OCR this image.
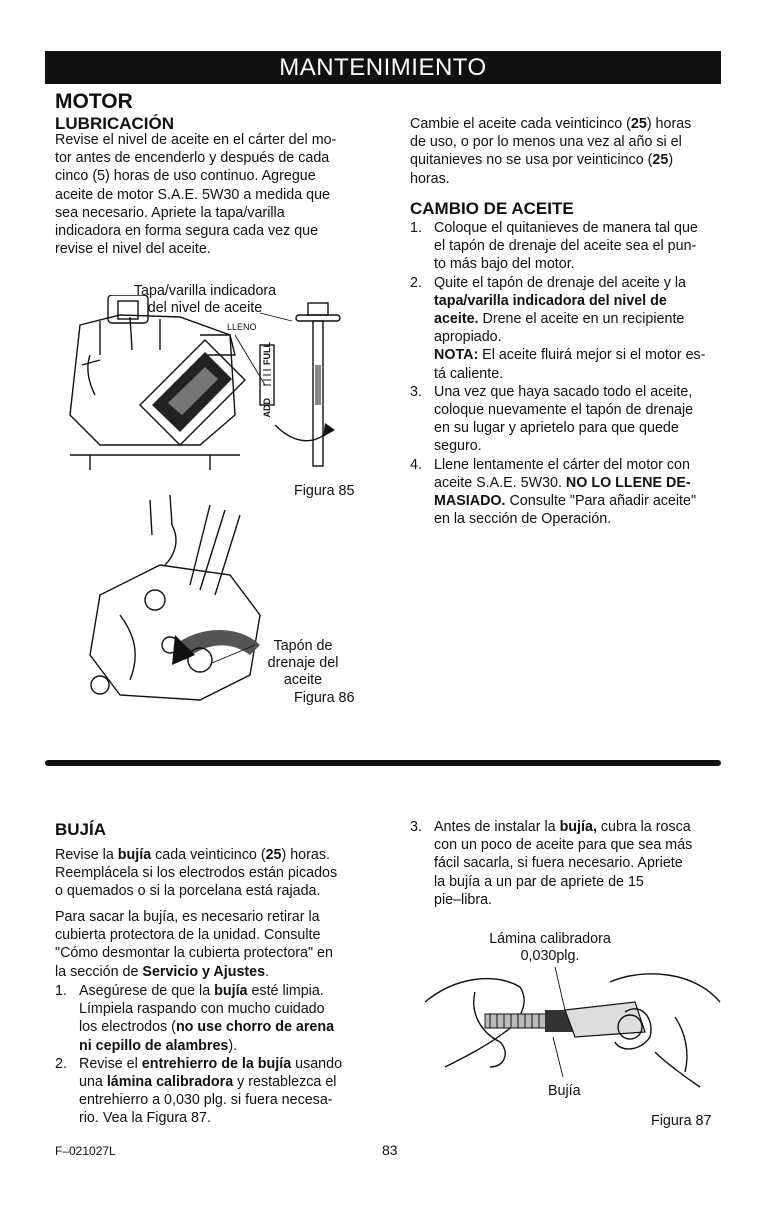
MANTENIMIENTO
MOTOR
LUBRICACIÓN
Revise el nivel de aceite en el cárter del mo-
tor antes de encenderlo y después de cada
cinco (5) horas de uso continuo. Agregue
aceite de motor S.A.E. 5W30 a medida que
sea necesario. Apriete la tapa/varilla
indicadora en forma segura cada vez que
revise el nivel del aceite.
Tapa/varilla indicadora
del nivel de aceite
LLENO
FULL
ADD
Figura 85
Tapón de
drenaje del
aceite
Figura 86
Cambie el aceite cada veinticinco (25) horas
de uso, o por lo menos una vez al año si el
quitanieves no se usa por veinticinco (25)
horas.
CAMBIO DE ACEITE
1. Coloque el quitanieves de manera tal que
el tapón de drenaje del aceite sea el pun-
to más bajo del motor.
2. Quite el tapón de drenaje del aceite y la
tapa/varilla indicadora del nivel de
aceite. Drene el aceite en un recipiente
apropiado.
NOTA: El aceite fluirá mejor si el motor es-
tá caliente.
3. Una vez que haya sacado todo el aceite,
coloque nuevamente el tapón de drenaje
en su lugar y aprietelo para que quede
seguro.
4. Llene lentamente el cárter del motor con
aceite S.A.E. 5W30. NO LO LLENE DE-
MASIADO. Consulte "Para añadir aceite"
en la sección de Operación.
BUJÍA
Revise la bujía cada veinticinco (25) horas.
Reemplácela si los electrodos están picados
o quemados o si la porcelana está rajada.
Para sacar la bujía, es necesario retirar la
cubierta protectora de la unidad. Consulte
"Cómo desmontar la cubierta protectora" en
la sección de Servicio y Ajustes.
1. Asegúrese de que la bujía esté limpia.
Límpiela raspando con mucho cuidado
los electrodos (no use chorro de arena
ni cepillo de alambres).
2. Revise el entrehierro de la bujía usando
una lámina calibradora y restablezca el
entrehierro a 0,030 plg. si fuera necesa-
rio. Vea la Figura 87.
3. Antes de instalar la bujía, cubra la rosca
con un poco de aceite para que sea más
fácil sacarla, si fuera necesario. Apriete
la bujía a un par de apriete de 15
pie–libra.
Lámina calibradora
0,030plg.
Bujía
Figura 87
F–021027L	83
